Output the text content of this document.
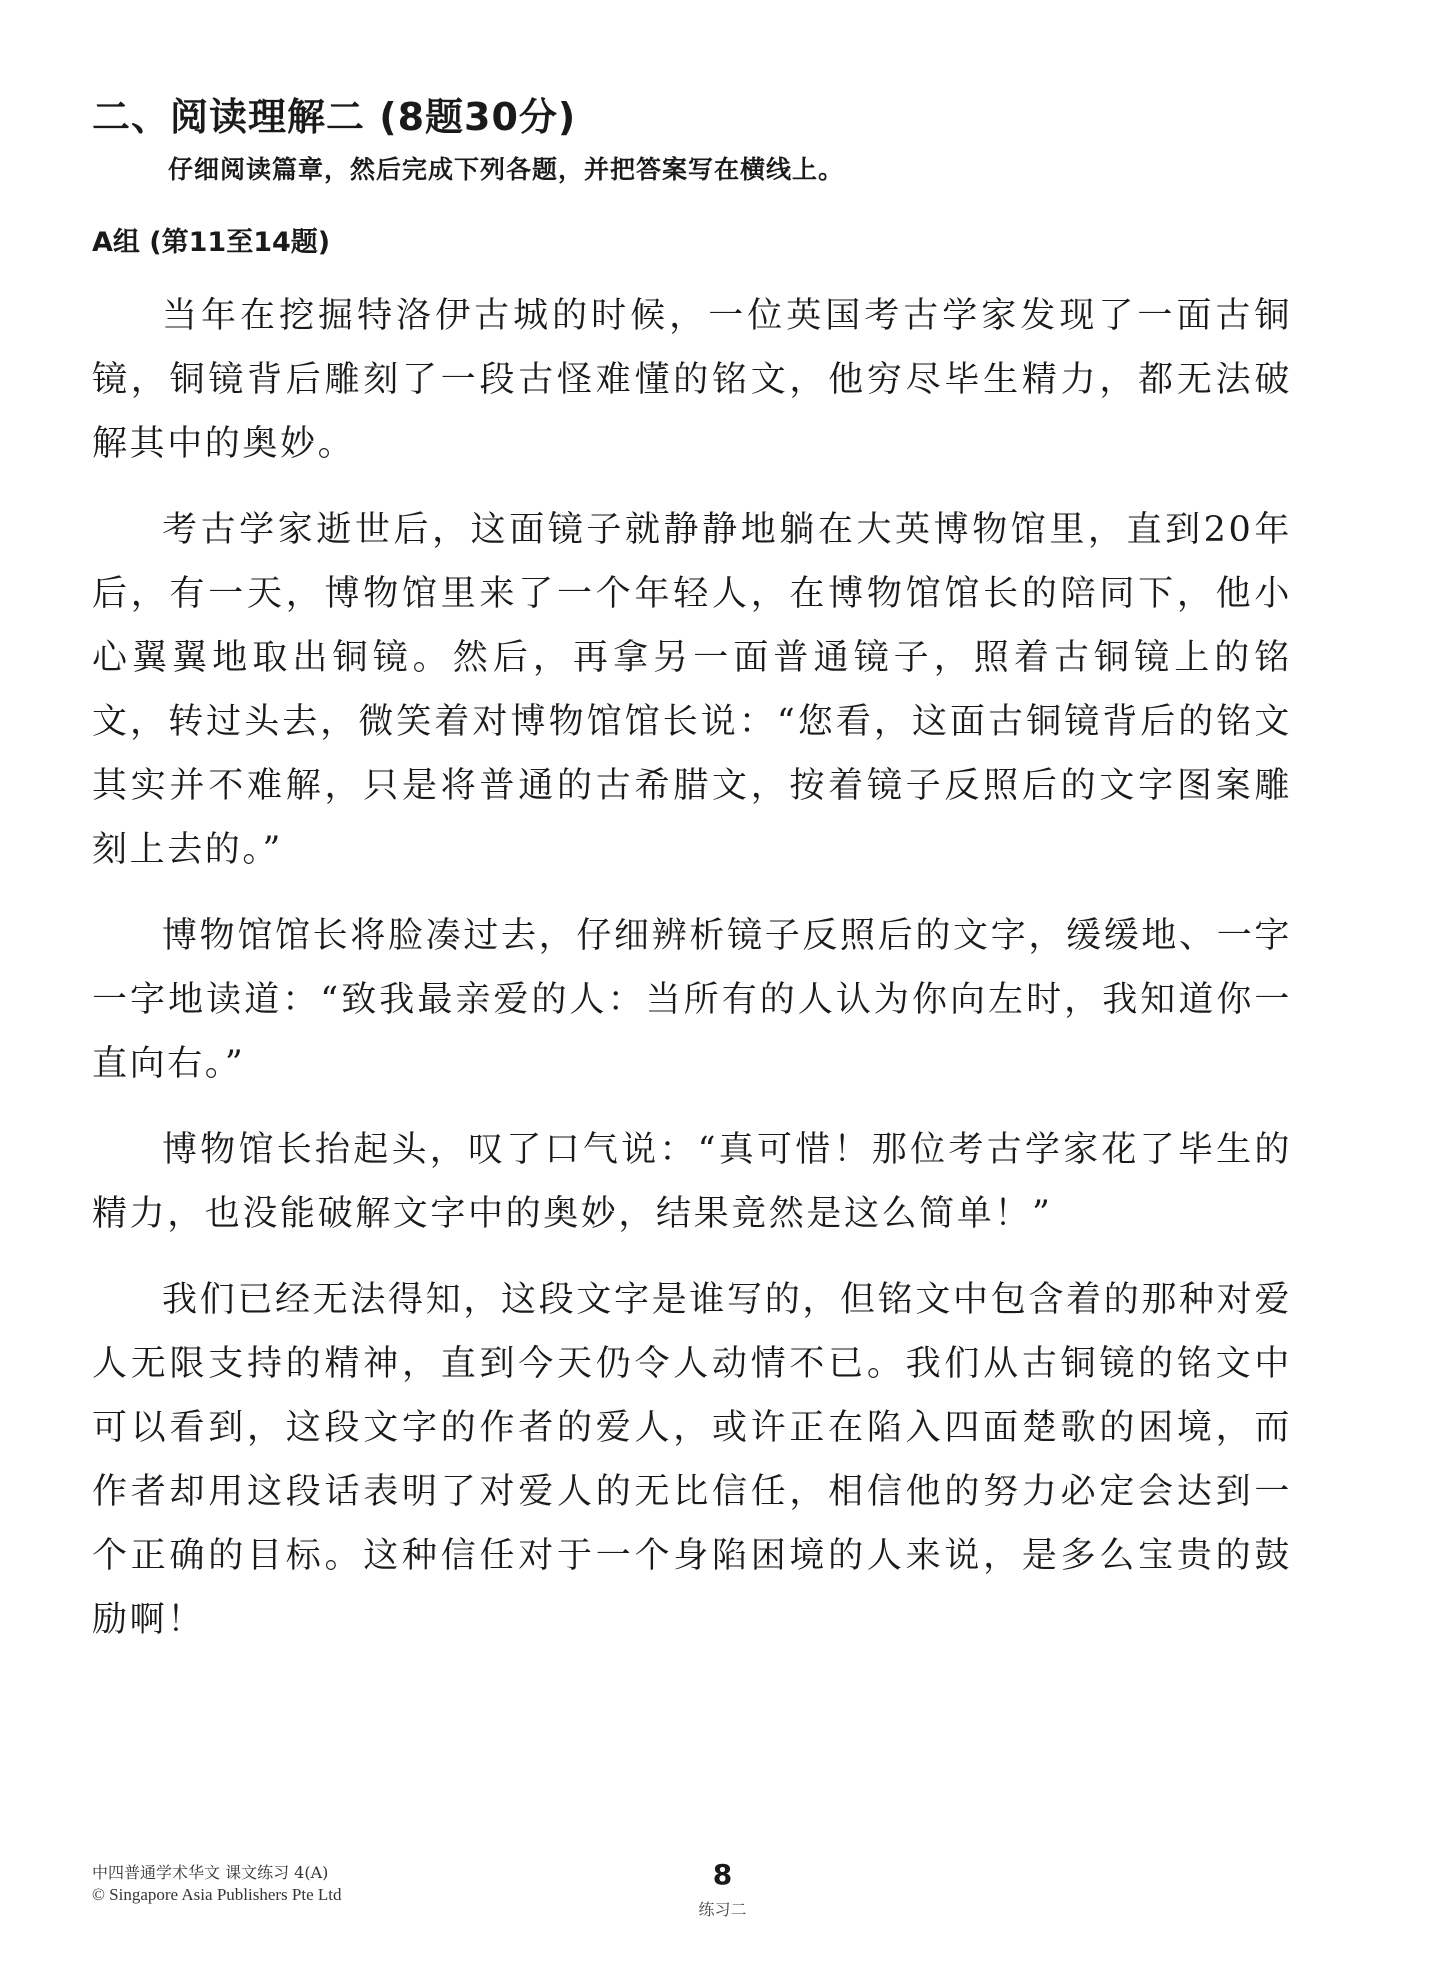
二、阅读理解二 (8题30分)
仔细阅读篇章，然后完成下列各题，并把答案写在横线上。
A组 (第11至14题)

当年在挖掘特洛伊古城的时候，一位英国考古学家发现了一面古铜镜，铜镜背后雕刻了一段古怪难懂的铭文，他穷尽毕生精力，都无法破解其中的奥妙。

考古学家逝世后，这面镜子就静静地躺在大英博物馆里，直到20年后，有一天，博物馆里来了一个年轻人，在博物馆馆长的陪同下，他小心翼翼地取出铜镜。然后，再拿另一面普通镜子，照着古铜镜上的铭文，转过头去，微笑着对博物馆馆长说：“您看，这面古铜镜背后的铭文其实并不难解，只是将普通的古希腊文，按着镜子反照后的文字图案雕刻上去的。”

博物馆馆长将脸凑过去，仔细辨析镜子反照后的文字，缓缓地、一字一字地读道：“致我最亲爱的人：当所有的人认为你向左时，我知道你一直向右。”

博物馆长抬起头，叹了口气说：“真可惜！那位考古学家花了毕生的精力，也没能破解文字中的奥妙，结果竟然是这么简单！”

我们已经无法得知，这段文字是谁写的，但铭文中包含着的那种对爱人无限支持的精神，直到今天仍令人动情不已。我们从古铜镜的铭文中可以看到，这段文字的作者的爱人，或许正在陷入四面楚歌的困境，而作者却用这段话表明了对爱人的无比信任，相信他的努力必定会达到一个正确的目标。这种信任对于一个身陷困境的人来说，是多么宝贵的鼓励啊！

中四普通学术华文 课文练习 4(A)
© Singapore Asia Publishers Pte Ltd
8
练习二
